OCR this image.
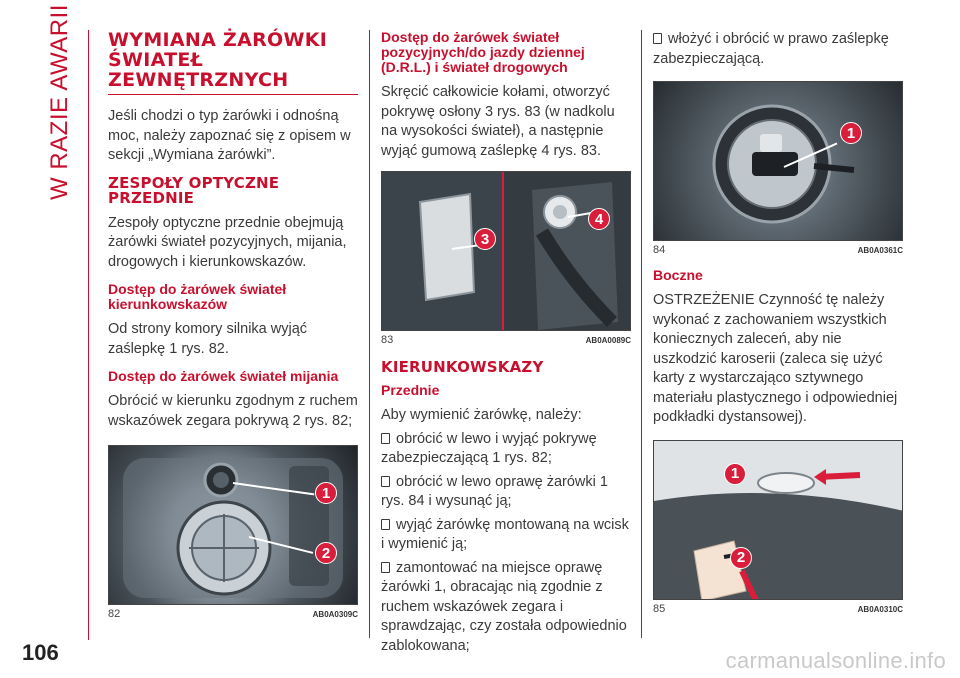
W RAZIE AWARII
106	carmanualsonline.info
WYMIANA ŻARÓWKI ŚWIATEŁ ZEWNĘTRZNYCH
Jeśli chodzi o typ żarówki i odnośną moc, należy zapoznać się z opisem w sekcji „Wymiana żarówki”.
ZESPOŁY OPTYCZNE PRZEDNIE
Zespoły optyczne przednie obejmują żarówki świateł pozycyjnych, mijania, drogowych i kierunkowskazów.
Dostęp do żarówek świateł kierunkowskazów
Od strony komory silnika wyjąć zaślepkę 1 rys. 82.
Dostęp do żarówek świateł mijania
Obrócić w kierunku zgodnym z ruchem wskazówek zegara pokrywą 2 rys. 82;
1
2
82	AB0A0309C
Dostęp do żarówek świateł pozycyjnych/do jazdy dziennej (D.R.L.) i świateł drogowych
Skręcić całkowicie kołami, otworzyć pokrywę osłony 3 rys. 83 (w nadkolu na wysokości świateł), a następnie wyjąć gumową zaślepkę 4 rys. 83.
3
4
83	AB0A0089C
KIERUNKOWSKAZY
Przednie
Aby wymienić żarówkę, należy:
obrócić w lewo i wyjąć pokrywę zabezpieczającą 1 rys. 82;
obrócić w lewo oprawę żarówki 1 rys. 84 i wysunąć ją;
wyjąć żarówkę montowaną na wcisk i wymienić ją;
zamontować na miejsce oprawę żarówki 1, obracając nią zgodnie z ruchem wskazówek zegara i sprawdzając, czy została odpowiednio zablokowana;
włożyć i obrócić w prawo zaślepkę zabezpieczającą.
1
84	AB0A0361C
Boczne
OSTRZEŻENIE Czynność tę należy wykonać z zachowaniem wszystkich koniecznych zaleceń, aby nie uszkodzić karoserii (zaleca się użyć karty z wystarczająco sztywnego materiału plastycznego i odpowiedniej podkładki dystansowej).
1
2
85	AB0A0310C
